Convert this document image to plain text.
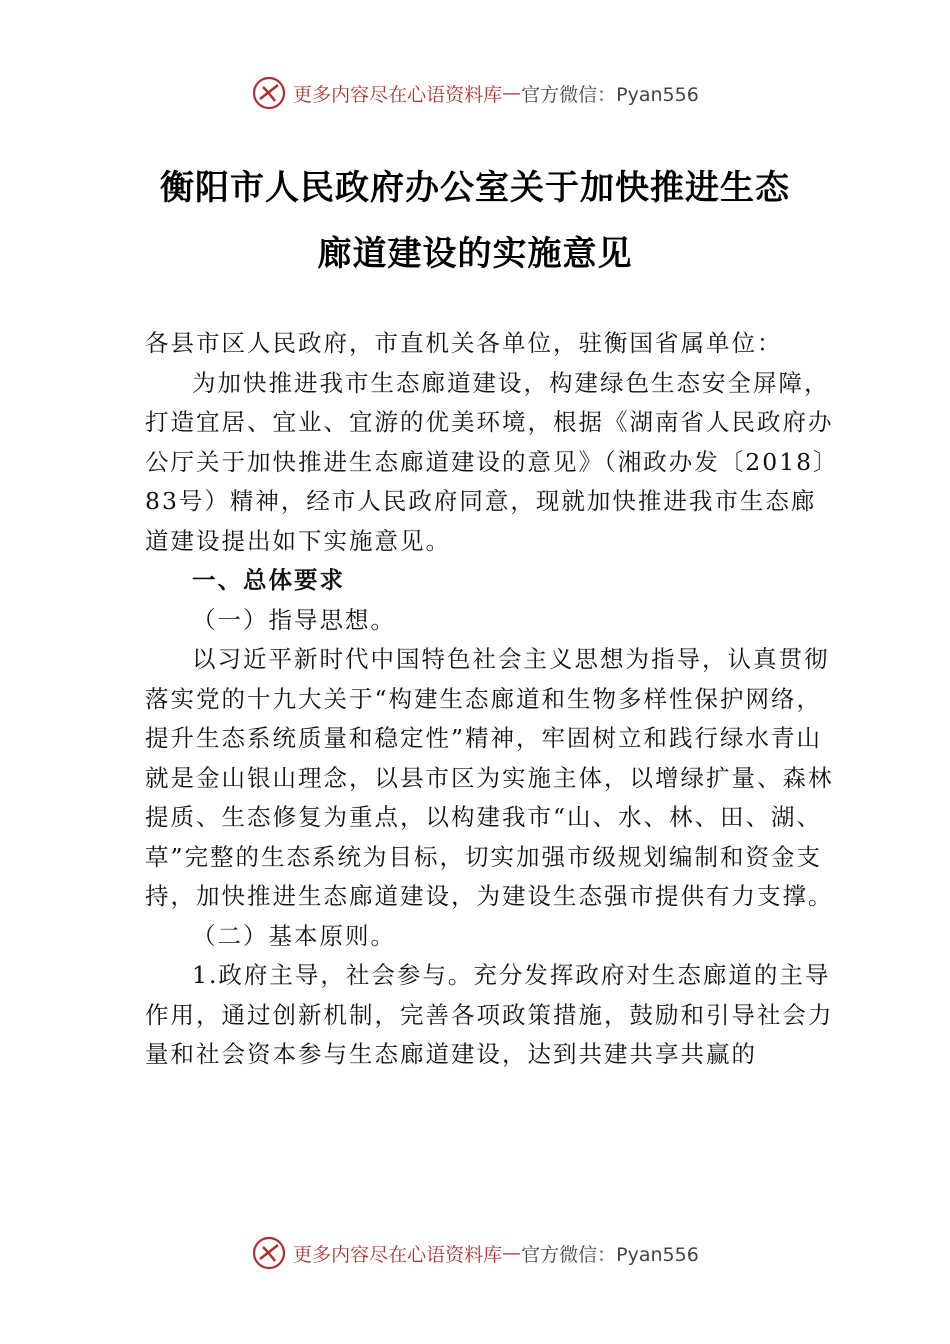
更多内容尽在心语资料库 — 官方微信：Pyan556
衡阳市人民政府办公室关于加快推进生态
廊道建设的实施意见

各县市区人民政府，市直机关各单位，驻衡国省属单位：

为加快推进我市生态廊道建设，构建绿色生态安全屏障，打造宜居、宜业、宜游的优美环境，根据《湖南省人民政府办公厅关于加快推进生态廊道建设的意见》（湘政办发〔2018〕83号）精神，经市人民政府同意，现就加快推进我市生态廊道建设提出如下实施意见。

一、总体要求

（一）指导思想。

以习近平新时代中国特色社会主义思想为指导，认真贯彻落实党的十九大关于“构建生态廊道和生物多样性保护网络，提升生态系统质量和稳定性”精神，牢固树立和践行绿水青山就是金山银山理念，以县市区为实施主体，以增绿扩量、森林提质、生态修复为重点，以构建我市“山、水、林、田、湖、草”完整的生态系统为目标，切实加强市级规划编制和资金支持，加快推进生态廊道建设，为建设生态强市提供有力支撑。

（二）基本原则。

1.政府主导，社会参与。充分发挥政府对生态廊道的主导作用，通过创新机制，完善各项政策措施，鼓励和引导社会力量和社会资本参与生态廊道建设，达到共建共享共赢的

更多内容尽在心语资料库 — 官方微信：Pyan556
